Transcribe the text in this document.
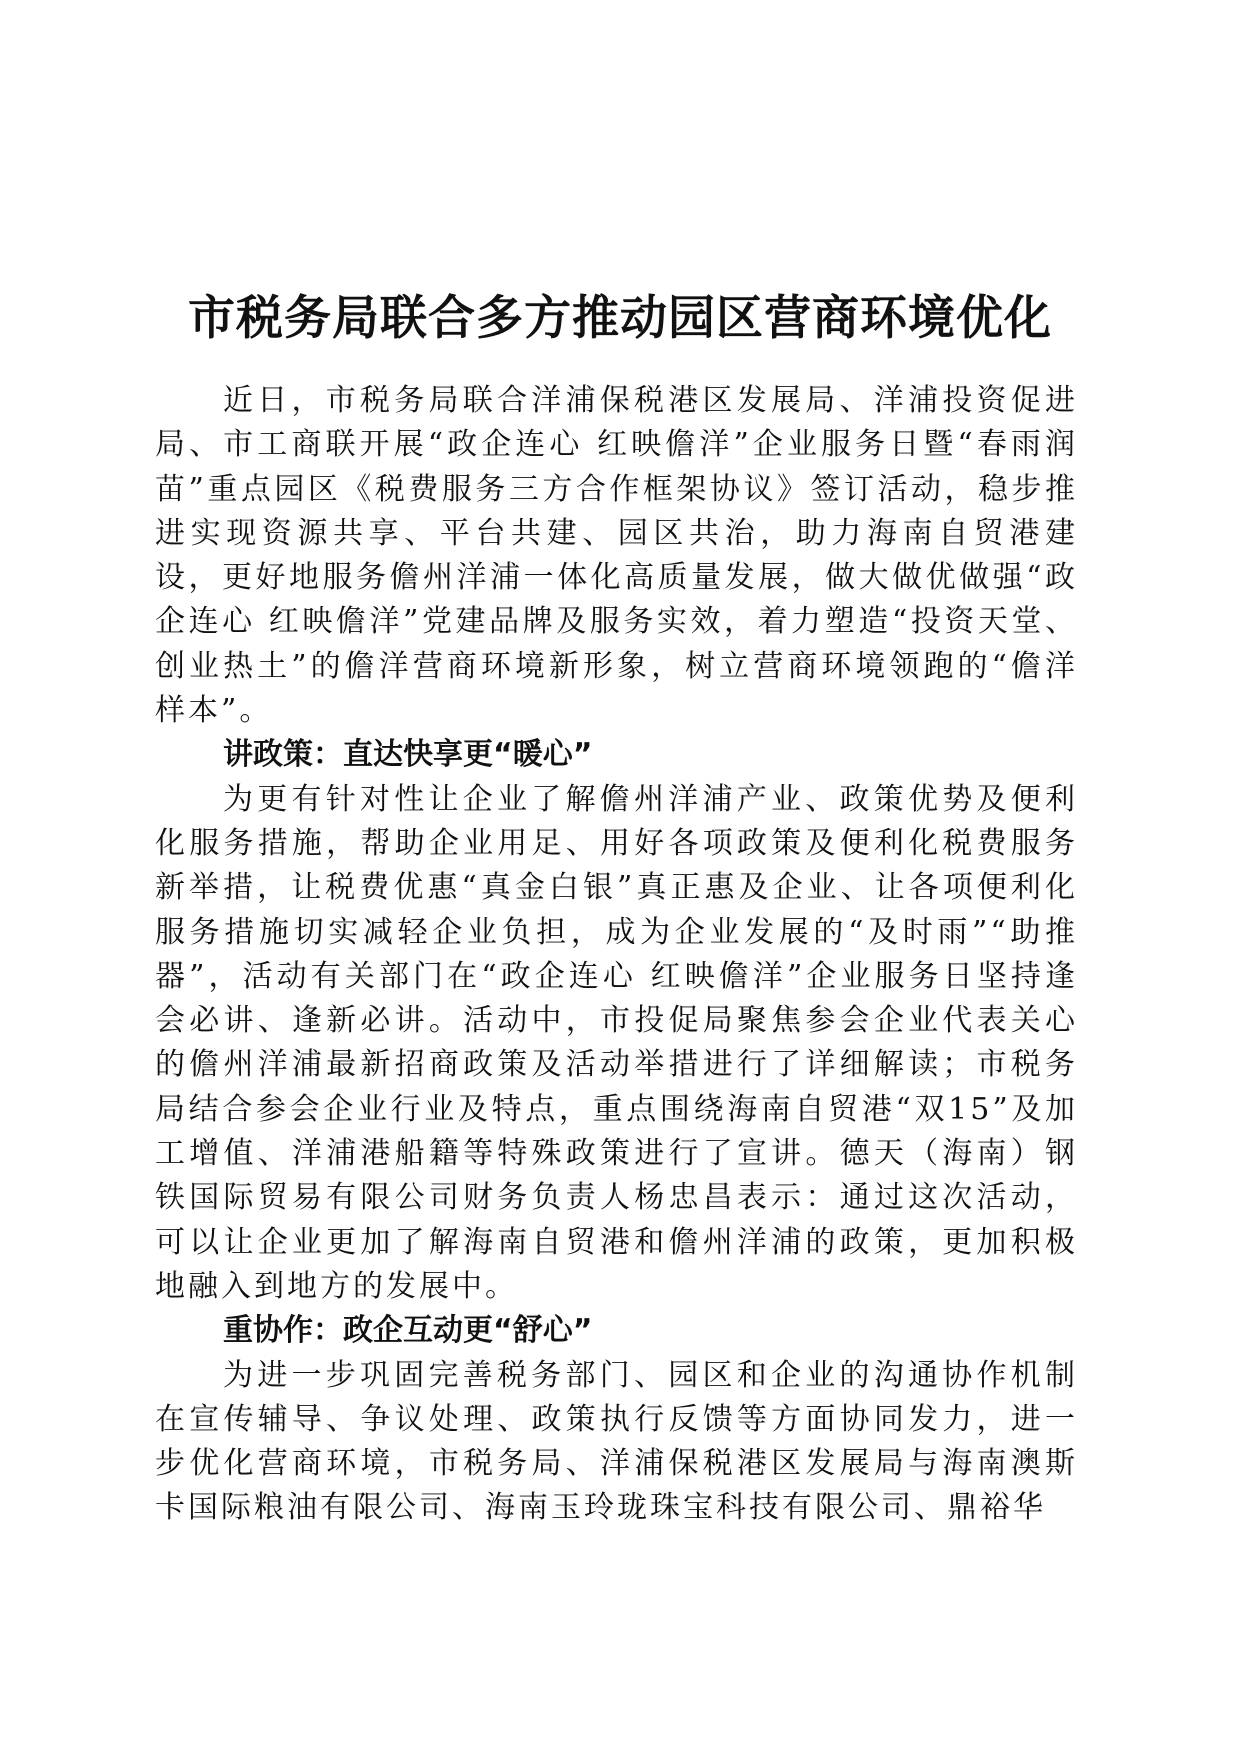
市税务局联合多方推动园区营商环境优化

近日，市税务局联合洋浦保税港区发展局、洋浦投资促进局、市工商联开展“政企连心 红映儋洋”企业服务日暨“春雨润苗”重点园区《税费服务三方合作框架协议》签订活动，稳步推进实现资源共享、平台共建、园区共治，助力海南自贸港建设，更好地服务儋州洋浦一体化高质量发展，做大做优做强“政企连心 红映儋洋”党建品牌及服务实效，着力塑造“投资天堂、创业热土”的儋洋营商环境新形象，树立营商环境领跑的“儋洋样本”。

讲政策：直达快享更“暖心”

为更有针对性让企业了解儋州洋浦产业、政策优势及便利化服务措施，帮助企业用足、用好各项政策及便利化税费服务新举措，让税费优惠“真金白银”真正惠及企业、让各项便利化服务措施切实减轻企业负担，成为企业发展的“及时雨”“助推器”，活动有关部门在“政企连心 红映儋洋”企业服务日坚持逢会必讲、逢新必讲。活动中，市投促局聚焦参会企业代表关心的儋州洋浦最新招商政策及活动举措进行了详细解读；市税务局结合参会企业行业及特点，重点围绕海南自贸港“双15”及加工增值、洋浦港船籍等特殊政策进行了宣讲。德天（海南）钢铁国际贸易有限公司财务负责人杨忠昌表示：通过这次活动，可以让企业更加了解海南自贸港和儋州洋浦的政策，更加积极地融入到地方的发展中。

重协作：政企互动更“舒心”

为进一步巩固完善税务部门、园区和企业的沟通协作机制在宣传辅导、争议处理、政策执行反馈等方面协同发力，进一步优化营商环境，市税务局、洋浦保税港区发展局与海南澳斯卡国际粮油有限公司、海南玉玲珑珠宝科技有限公司、鼎裕华
